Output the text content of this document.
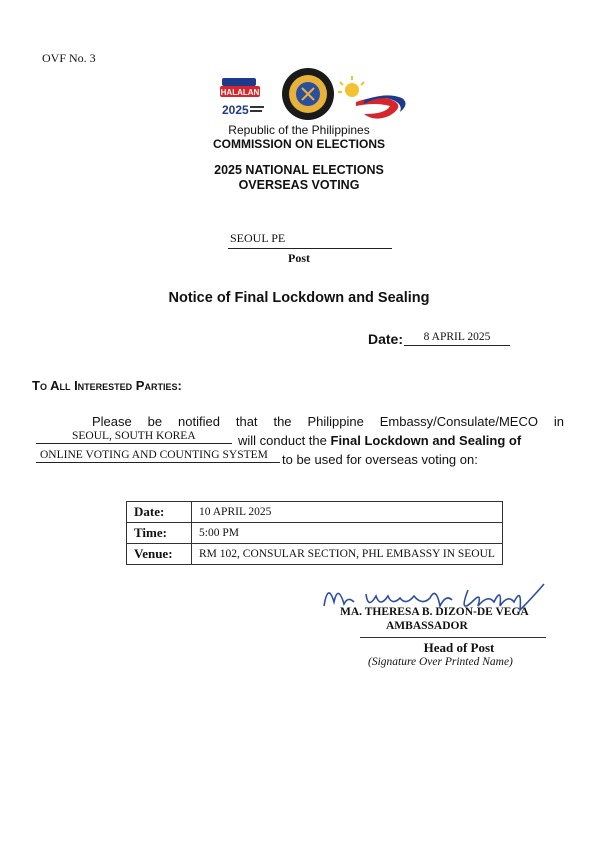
OVF No. 3
HALALAN
2025
Republic of the Philippines
COMMISSION ON ELECTIONS
2025 NATIONAL ELECTIONS
OVERSEAS VOTING
SEOUL PE
Post
Notice of Final Lockdown and Sealing
Date:	8 APRIL 2025
To All Interested Parties:
Please be notified that the Philippine Embassy/Consulate/MECO in
SEOUL, SOUTH KOREA	will conduct the Final Lockdown and Sealing of
ONLINE VOTING AND COUNTING SYSTEM	to be used for overseas voting on:
Date:	10 APRIL 2025
Time:	5:00 PM
Venue:	RM 102, CONSULAR SECTION, PHL EMBASSY IN SEOUL
MA. THERESA B. DIZON-DE VEGA
AMBASSADOR
Head of Post
(Signature Over Printed Name)
